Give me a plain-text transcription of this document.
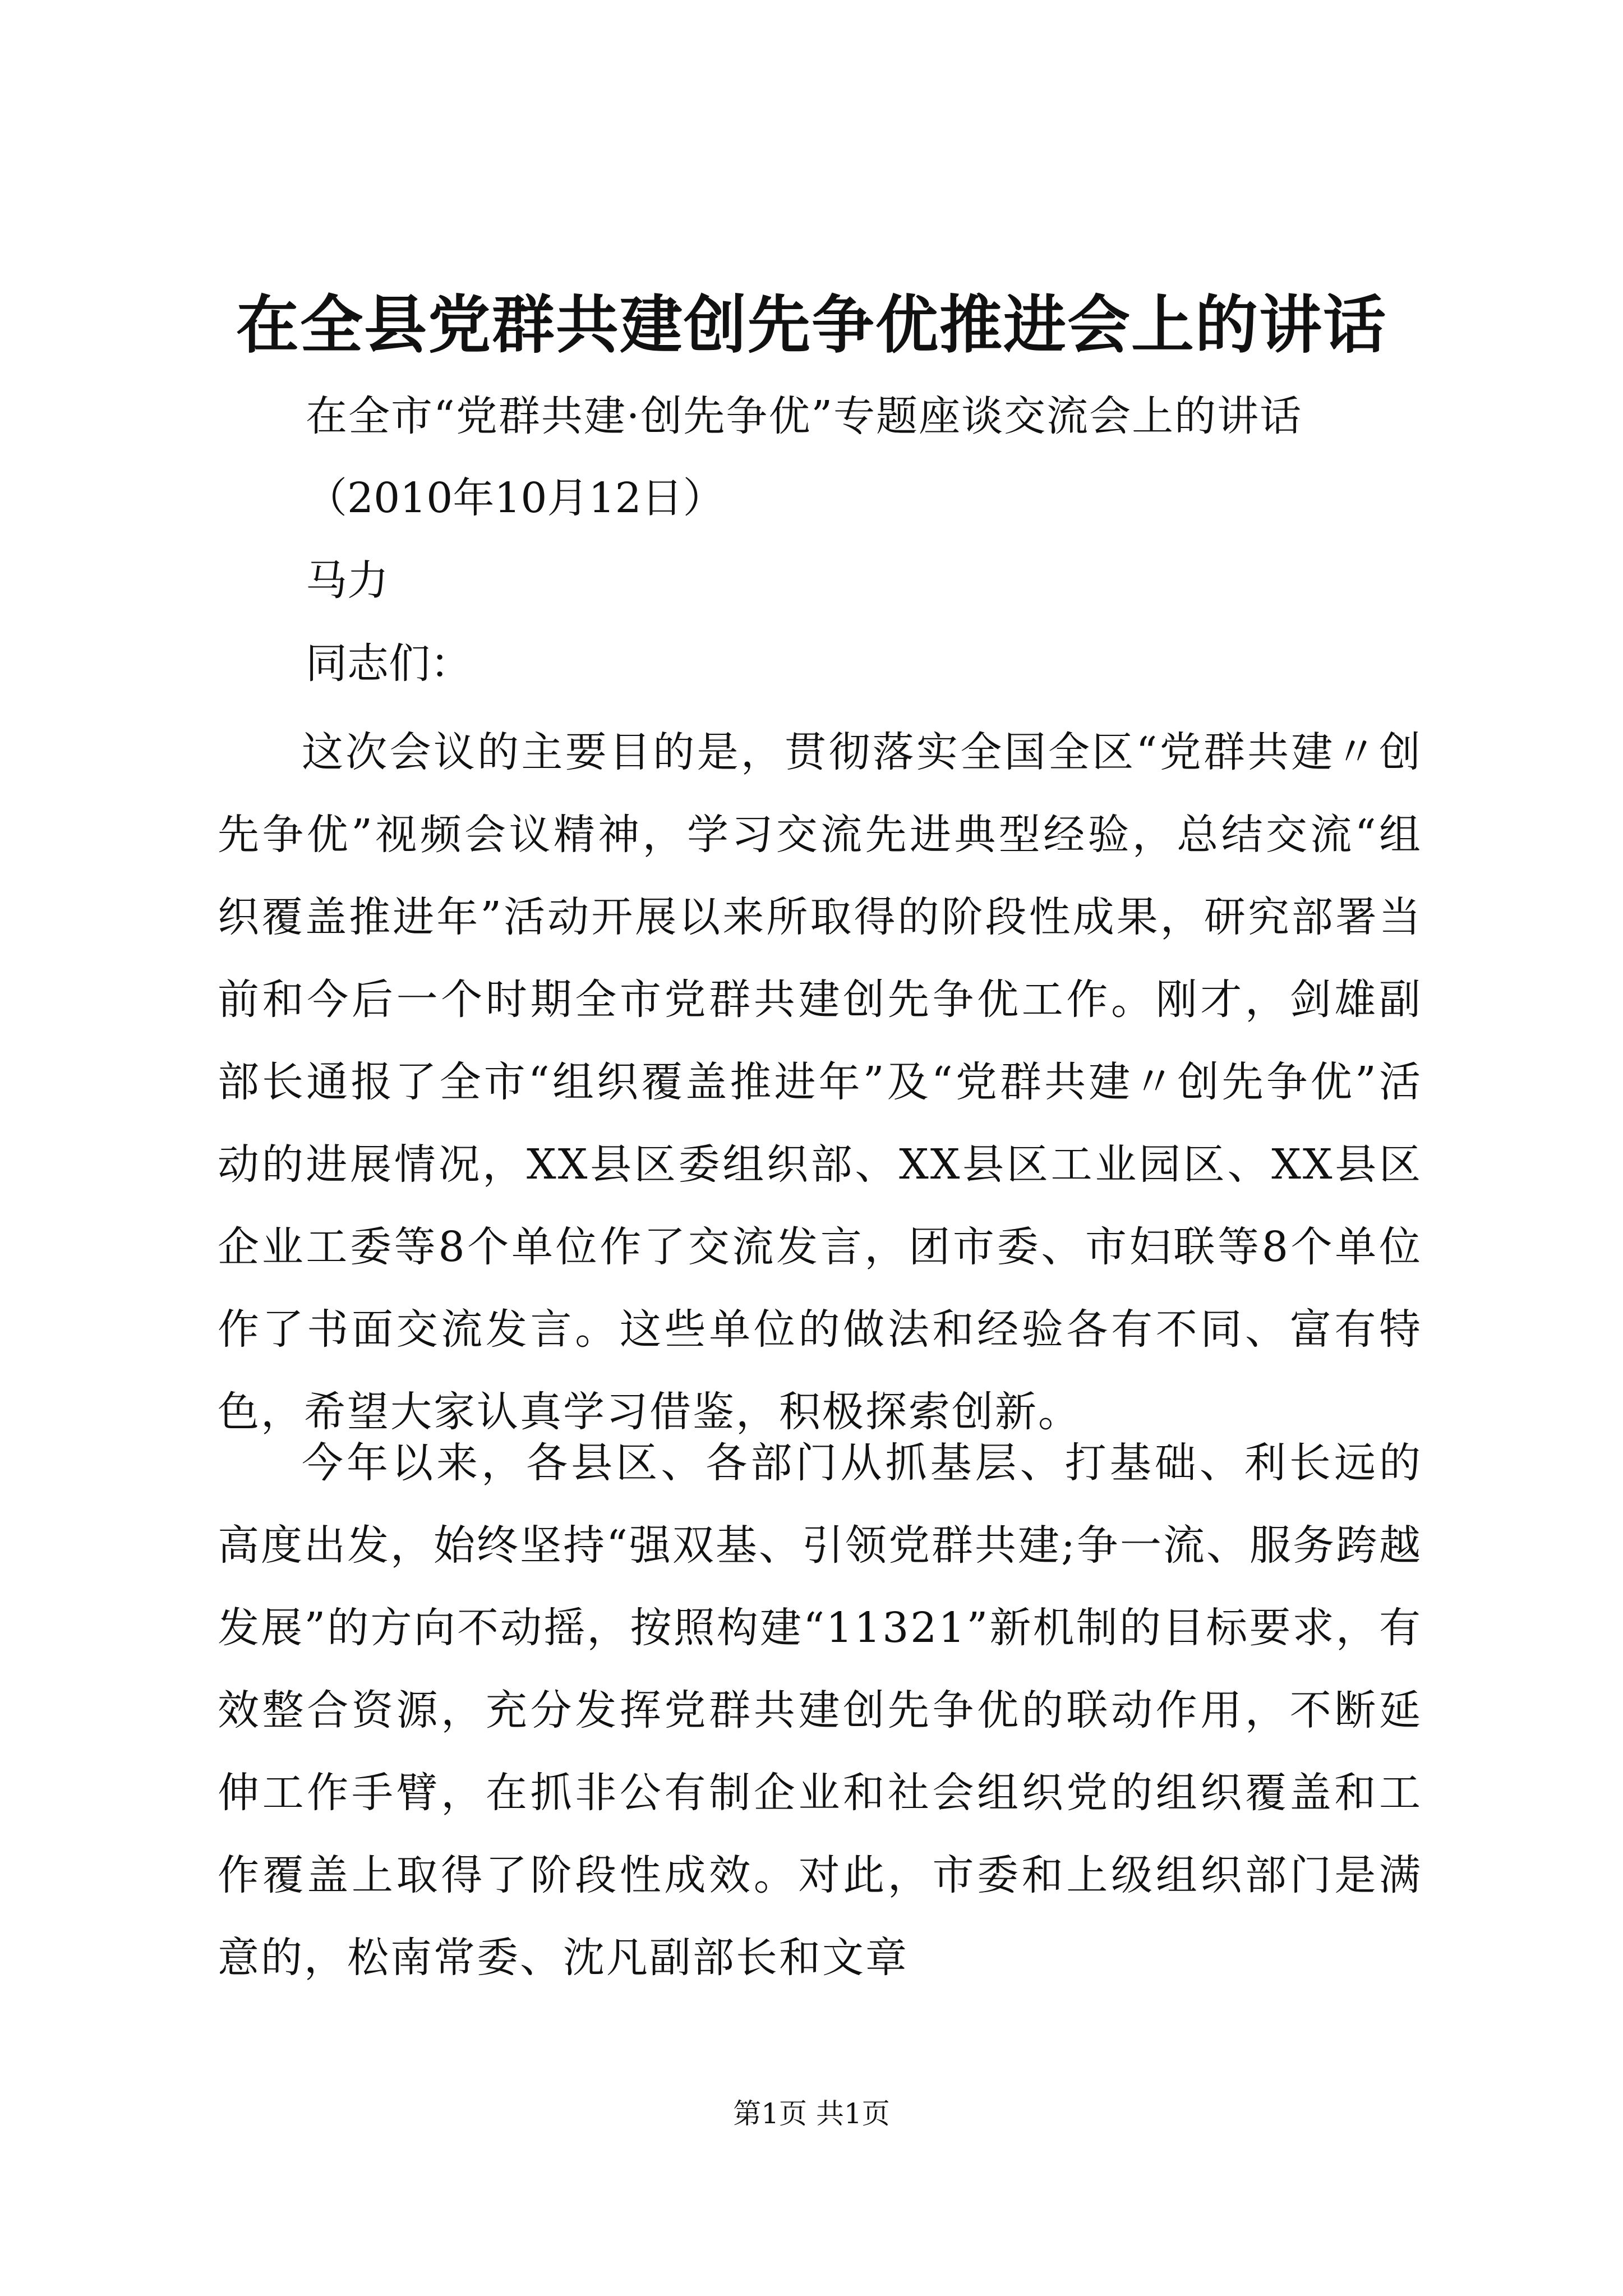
在全县党群共建创先争优推进会上的讲话

在全市“党群共建·创先争优”专题座谈交流会上的讲话

（2010年10月12日）

马力

同志们：

这次会议的主要目的是，贯彻落实全国全区“党群共建〃创先争优”视频会议精神，学习交流先进典型经验，总结交流“组织覆盖推进年”活动开展以来所取得的阶段性成果，研究部署当前和今后一个时期全市党群共建创先争优工作。刚才，剑雄副部长通报了全市“组织覆盖推进年”及“党群共建〃创先争优”活动的进展情况，XX县区委组织部、XX县区工业园区、XX县区企业工委等8个单位作了交流发言，团市委、市妇联等8个单位作了书面交流发言。这些单位的做法和经验各有不同、富有特色，希望大家认真学习借鉴，积极探索创新。

今年以来，各县区、各部门从抓基层、打基础、利长远的高度出发，始终坚持“强双基、引领党群共建;争一流、服务跨越发展”的方向不动摇，按照构建“11321”新机制的目标要求，有效整合资源，充分发挥党群共建创先争优的联动作用，不断延伸工作手臂，在抓非公有制企业和社会组织党的组织覆盖和工作覆盖上取得了阶段性成效。对此，市委和上级组织部门是满意的，松南常委、沈凡副部长和文章

第1页 共1页
